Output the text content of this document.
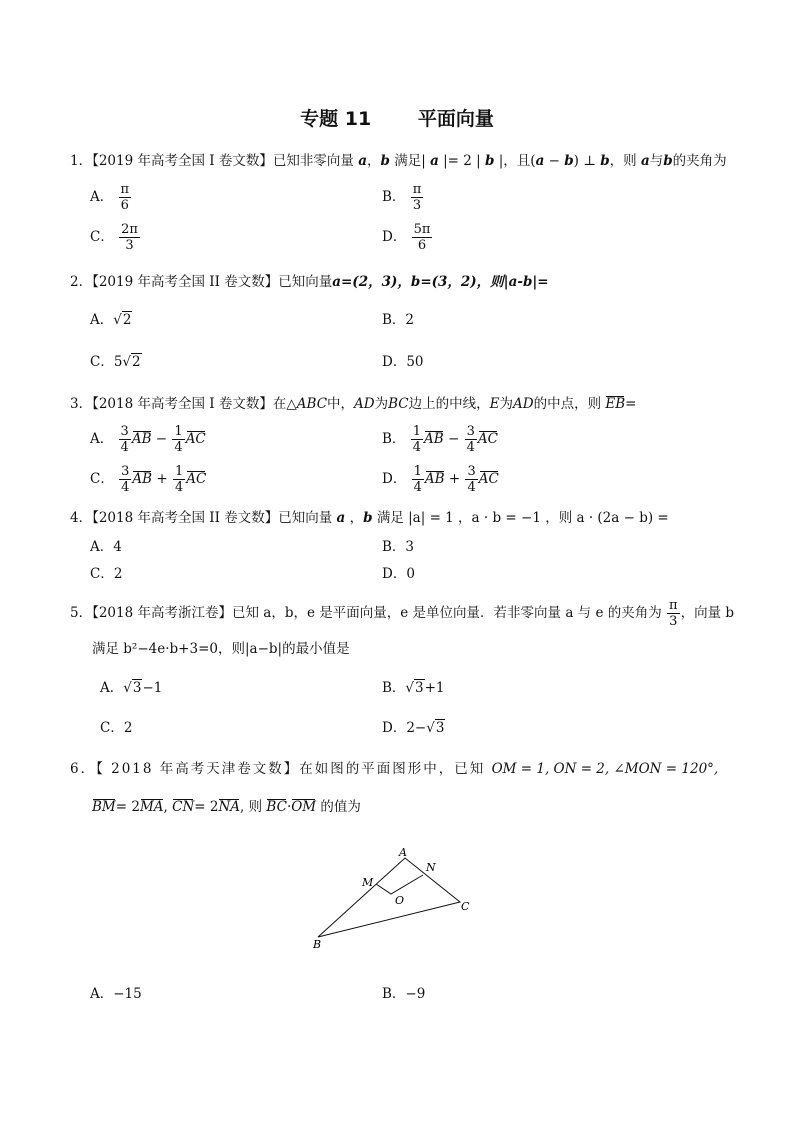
专题 11 平面向量
1．【2019 年高考全国 I 卷文数】已知非零向量 a，b 满足| a |= 2 | b |，且(a − b) ⊥ b，则 a与b的夹角为
A． $\frac{\pi}{6}$	B． $\frac{\pi}{3}$
C． $\frac{2\pi}{3}$	D． $\frac{5\pi}{6}$
2．【2019 年高考全国 II 卷文数】已知向量a=(2，3)，b=(3，2)，则|a-b|=
A．√2	B．2
C．5√2	D．50
3．【2018 年高考全国 I 卷文数】在△ABC中，AD为BC边上的中线，E为AD的中点，则 EB=
A． $\frac{3}{4}$ AB − $\frac{1}{4}$ AC	B． $\frac{1}{4}$ AB − $\frac{3}{4}$ AC
C． $\frac{3}{4}$ AB + $\frac{1}{4}$ AC	D． $\frac{1}{4}$ AB + $\frac{3}{4}$ AC
4．【2018 年高考全国 II 卷文数】已知向量 a ，b 满足 |a| = 1 ，a · b = −1 ，则 a · (2a − b) =
A．4	B．3
C．2	D．0
5．【2018 年高考浙江卷】已知 a，b，e 是平面向量，e 是单位向量．若非零向量 a 与 e 的夹角为 $\frac{\pi}{3}$ ，向量 b
满足 b²−4e·b+3=0，则|a−b|的最小值是
A．√3−1	B．√3+1
C．2	D．2−√3
6．【 2018 年高考天津卷文数】在如图的平面图形中，已知 OM = 1, ON = 2, ∠MON = 120°,
BM= 2MA, CN= 2NA, 则 BC·OM 的值为
A
N
M
O	C
B
A．−15	B．−9
